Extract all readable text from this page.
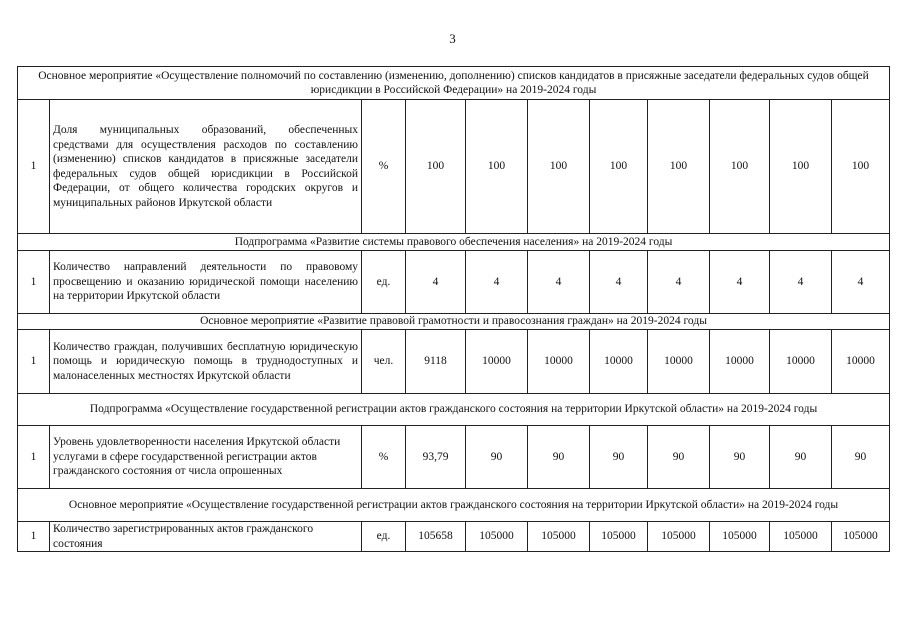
3
Основное мероприятие «Осуществление полномочий по составлению (изменению, дополнению) списков кандидатов в присяжные заседатели федеральных судов общей юрисдикции в Российской Федерации» на 2019-2024 годы										
1	Доля муниципальных образований, обеспеченных средствами для осуществления расходов по составлению (изменению) списков кандидатов в присяжные заседатели федеральных судов общей юрисдикции в Российской Федерации, от общего количества городских округов и муниципальных районов Иркутской области	%	100	100	100	100	100	100	100	100
Подпрограмма «Развитие системы правового обеспечения населения» на 2019-2024 годы										
1	Количество направлений деятельности по правовому просвещению и оказанию юридической помощи населению на территории Иркутской области	ед.	4	4	4	4	4	4	4	4
Основное мероприятие «Развитие правовой грамотности и правосознания граждан» на 2019-2024 годы										
1	Количество граждан, получивших бесплатную юридическую помощь и юридическую помощь в труднодоступных и малонаселенных местностях Иркутской области	чел.	9118	10000	10000	10000	10000	10000	10000	10000
Подпрограмма «Осуществление государственной регистрации актов гражданского состояния на территории Иркутской области» на 2019-2024 годы										
1	Уровень удовлетворенности населения Иркутской области услугами в сфере государственной регистрации актов гражданского состояния от числа опрошенных	%	93,79	90	90	90	90	90	90	90
Основное мероприятие «Осуществление государственной регистрации актов гражданского состояния на территории Иркутской области» на 2019-2024 годы										
1	Количество зарегистрированных актов гражданского состояния	ед.	105658	105000	105000	105000	105000	105000	105000	105000
